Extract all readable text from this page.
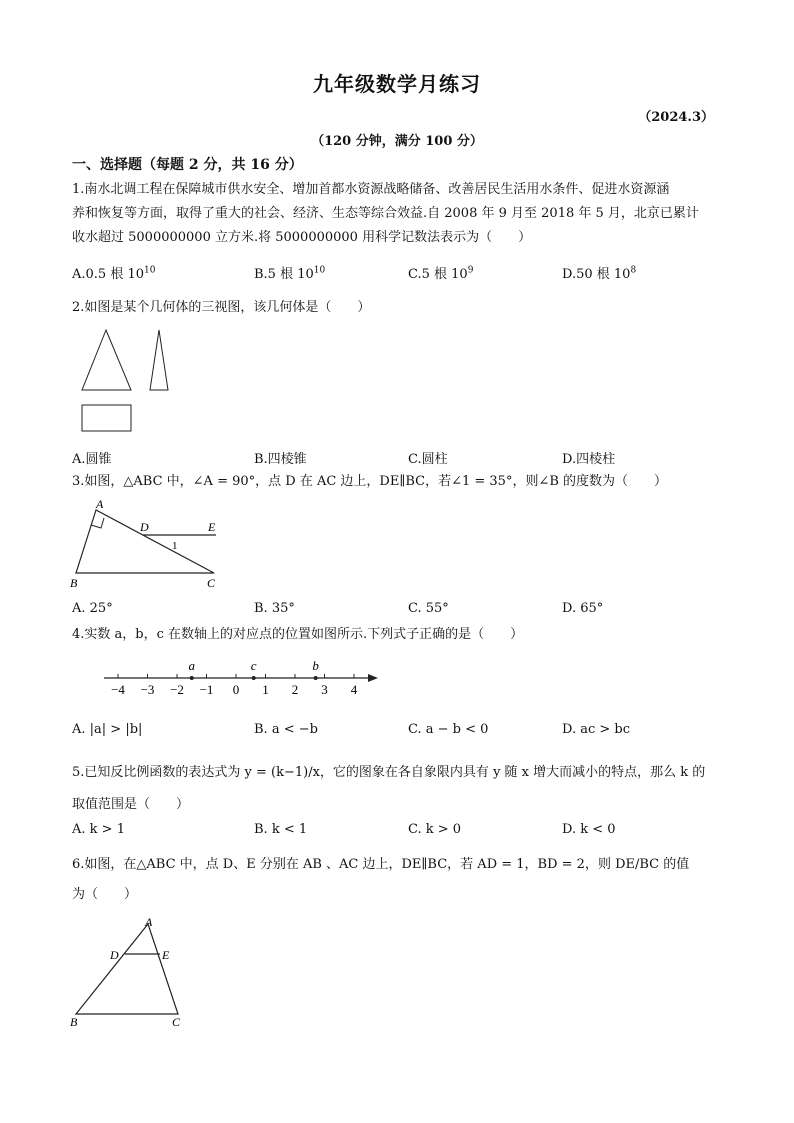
九年级数学月练习
（2024.3）
（120 分钟，满分 100 分）
一、选择题（每题 2 分，共 16 分）
1.南水北调工程在保障城市供水安全、增加首都水资源战略储备、改善居民生活用水条件、促进水资源涵
养和恢复等方面，取得了重大的社会、经济、生态等综合效益.自 2008 年 9 月至 2018 年 5 月，北京已累计
收水超过 5000000000 立方米.将 5000000000 用科学记数法表示为（　　）
A.0.5 根 $10^{10}$	B.5 根 $10^{10}$	C.5 根 $10^9$	D.50 根 $10^8$
2.如图是某个几何体的三视图，该几何体是（　　）
A.圆锥	B.四棱锥	C.圆柱	D.四棱柱
3.如图，△ABC 中，∠A = 90°，点 D 在 AC 边上，DE∥BC，若∠1 = 35°，则∠B 的度数为（　　）
A
D	E
1
B	C
A. 25°	B. 35°	C. 55°	D. 65°
4.实数 a，b，c 在数轴上的对应点的位置如图所示.下列式子正确的是（　　）
−4 −3 −2 −1 0 1 2 3 4
a	c	b
A. |a| > |b|	B. a < −b	C. a − b < 0	D. ac > bc
5.已知反比例函数的表达式为 y = (k−1)/x，它的图象在各自象限内具有 y 随 x 增大而减小的特点，那么 k 的
取值范围是（　　）
A. k > 1	B. k < 1	C. k > 0	D. k < 0
6.如图，在△ABC 中，点 D、E 分别在 AB 、AC 边上，DE∥BC，若 AD = 1，BD = 2，则 DE/BC 的值
为（　　）
A
D	E
B	C
